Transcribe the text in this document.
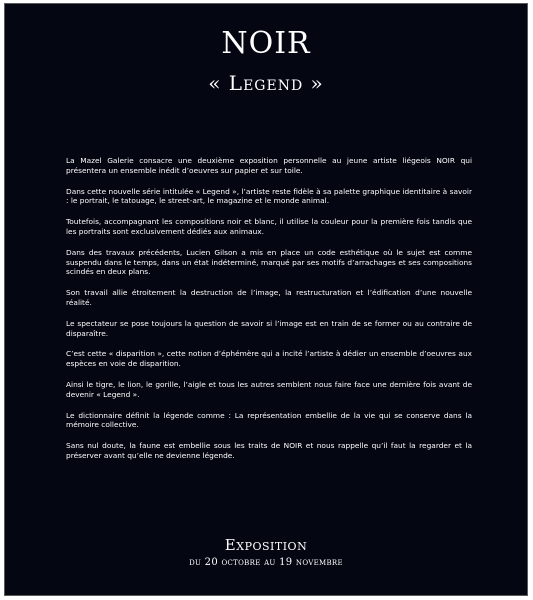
NOIR
« Legend »

La Mazel Galerie consacre une deuxième exposition personnelle au jeune artiste liégeois NOIR qui présentera un ensemble inédit d’oeuvres sur papier et sur toile.

Dans cette nouvelle série intitulée « Legend », l’artiste reste fidèle à sa palette graphique identitaire à savoir : le portrait, le tatouage, le street-art, le magazine et le monde animal.

Toutefois, accompagnant les compositions noir et blanc, il utilise la couleur pour la première fois tandis que les portraits sont exclusivement dédiés aux animaux.

Dans des travaux précédents, Lucien Gilson a mis en place un code esthétique où le sujet est comme suspendu dans le temps, dans un état indéterminé, marqué par ses motifs d’arrachages et ses compositions scindés en deux plans.

Son travail allie étroitement la destruction de l’image, la restructuration et l’édification d’une nouvelle réalité.

Le spectateur se pose toujours la question de savoir si l’image est en train de se former ou au contraire de disparaître.

C’est cette « disparition », cette notion d’éphémère qui a incité l’artiste à dédier un ensemble d’oeuvres aux espèces en voie de disparition.

Ainsi le tigre, le lion, le gorille, l’aigle et tous les autres semblent nous faire face une dernière fois avant de devenir « Legend ».

Le dictionnaire définit la légende comme : La représentation embellie de la vie qui se conserve dans la mémoire collective.

Sans nul doute, la faune est embellie sous les traits de NOIR et nous rappelle qu’il faut la regarder et la préserver avant qu’elle ne devienne légende.

Exposition
du 20 octobre au 19 novembre
